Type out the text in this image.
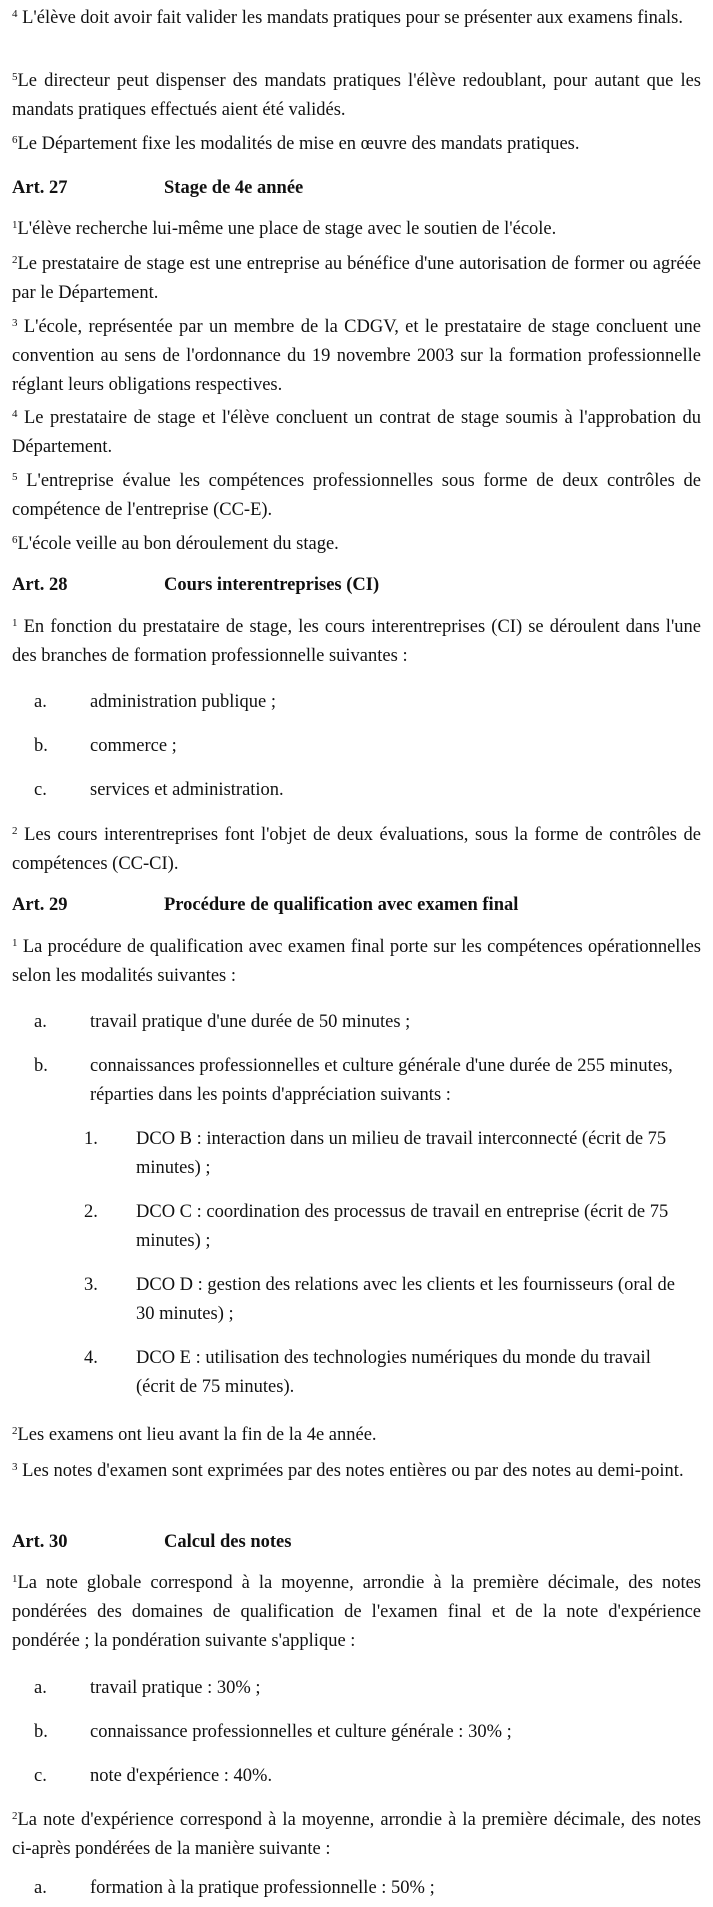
$^4$ L'élève doit avoir fait valider les mandats pratiques pour se présenter aux examens finals.

$^5$Le directeur peut dispenser des mandats pratiques l'élève redoublant, pour autant que les mandats pratiques effectués aient été validés.

$^6$Le Département fixe les modalités de mise en œuvre des mandats pratiques.

Art. 27	Stage de 4e année

$^1$L'élève recherche lui-même une place de stage avec le soutien de l'école.

$^2$Le prestataire de stage est une entreprise au bénéfice d'une autorisation de former ou agréée par le Département.

$^3$ L'école, représentée par un membre de la CDGV, et le prestataire de stage concluent une convention au sens de l'ordonnance du 19 novembre 2003 sur la formation professionnelle réglant leurs obligations respectives.

$^4$ Le prestataire de stage et l'élève concluent un contrat de stage soumis à l'approbation du Département.

$^5$ L'entreprise évalue les compétences professionnelles sous forme de deux contrôles de compétence de l'entreprise (CC-E).

$^6$L'école veille au bon déroulement du stage.

Art. 28	Cours interentreprises (CI)

$^1$ En fonction du prestataire de stage, les cours interentreprises (CI) se déroulent dans l'une des branches de formation professionnelle suivantes :

a.	administration publique ;
b.	commerce ;
c.	services et administration.

$^2$ Les cours interentreprises font l'objet de deux évaluations, sous la forme de contrôles de compétences (CC-CI).

Art. 29	Procédure de qualification avec examen final

$^1$ La procédure de qualification avec examen final porte sur les compétences opérationnelles selon les modalités suivantes :

a.	travail pratique d'une durée de 50 minutes ;
b.	connaissances professionnelles et culture générale d'une durée de 255 minutes, réparties dans les points d'appréciation suivants :
1.	DCO B : interaction dans un milieu de travail interconnecté (écrit de 75 minutes) ;
2.	DCO C : coordination des processus de travail en entreprise (écrit de 75 minutes) ;
3.	DCO D : gestion des relations avec les clients et les fournisseurs (oral de 30 minutes) ;
4.	DCO E : utilisation des technologies numériques du monde du travail (écrit de 75 minutes).

$^2$Les examens ont lieu avant la fin de la 4e année.

$^3$ Les notes d'examen sont exprimées par des notes entières ou par des notes au demi-point.

Art. 30	Calcul des notes

$^1$La note globale correspond à la moyenne, arrondie à la première décimale, des notes pondérées des domaines de qualification de l'examen final et de la note d'expérience pondérée ; la pondération suivante s'applique :

a.	travail pratique : 30% ;
b.	connaissance professionnelles et culture générale : 30% ;
c.	note d'expérience : 40%.

$^2$La note d'expérience correspond à la moyenne, arrondie à la première décimale, des notes ci-après pondérées de la manière suivante :

a.	formation à la pratique professionnelle : 50% ;
